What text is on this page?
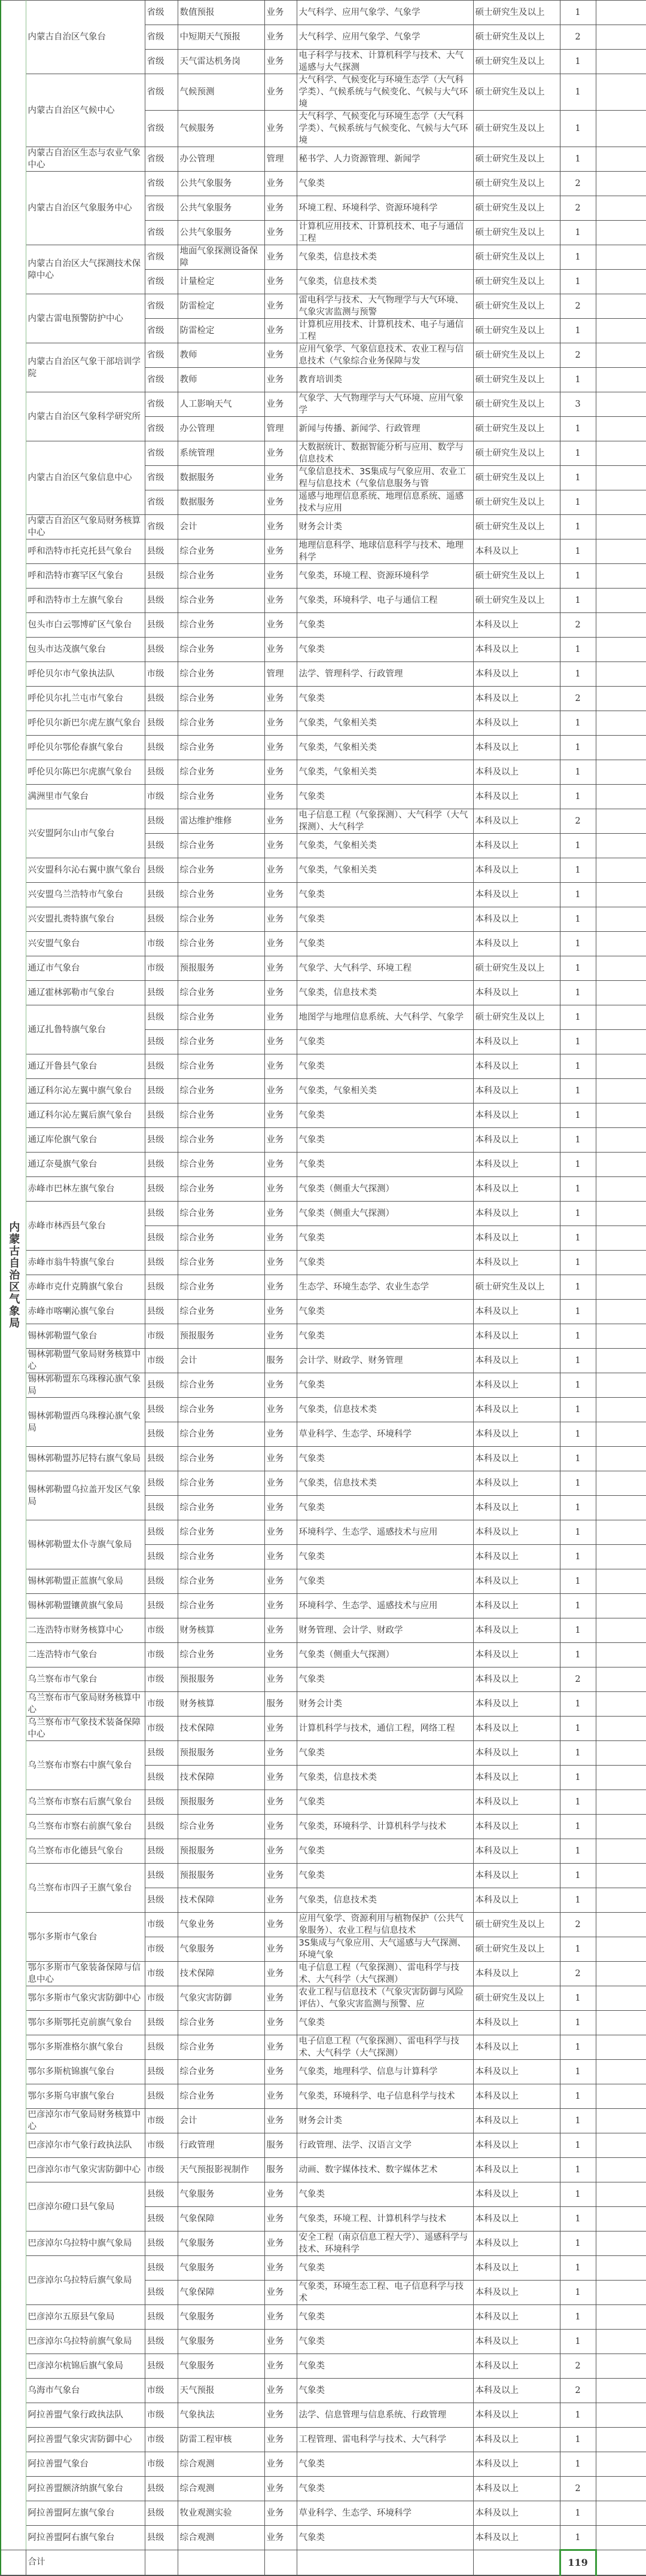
内蒙古自治区气象局	内蒙古自治区气象台	省级	数值预报	业务	大气科学、应用气象学、气象学	硕士研究生及以上	1	
		省级	中短期天气预报	业务	大气科学、应用气象学、气象学	硕士研究生及以上	2	
		省级	天气雷达机务岗	业务	电子科学与技术、计算机科学与技术、大气遥感与大气探测	硕士研究生及以上	1	
	内蒙古自治区气候中心	省级	气候预测	业务	大气科学、气候变化与环境生态学（大气科学类）、气候系统与气候变化、气候与大气环境	硕士研究生及以上	1	
		省级	气候服务	业务	大气科学、气候变化与环境生态学（大气科学类）、气候系统与气候变化、气候与大气环境	硕士研究生及以上	1	
	内蒙古自治区生态与农业气象中心	省级	办公管理	管理	秘书学、人力资源管理、新闻学	硕士研究生及以上	1	
	内蒙古自治区气象服务中心	省级	公共气象服务	业务	气象类	硕士研究生及以上	2	
		省级	公共气象服务	业务	环境工程、环境科学、资源环境科学	硕士研究生及以上	2	
		省级	公共气象服务	业务	计算机应用技术、计算机技术、电子与通信工程	硕士研究生及以上	1	
	内蒙古自治区大气探测技术保障中心	省级	地面气象探测设备保障	业务	气象类，信息技术类	硕士研究生及以上	1	
		省级	计量检定	业务	气象类，信息技术类	硕士研究生及以上	1	
	内蒙古雷电预警防护中心	省级	防雷检定	业务	雷电科学与技术、大气物理学与大气环境、气象灾害监测与预警	硕士研究生及以上	2	
		省级	防雷检定	业务	计算机应用技术、计算机技术、电子与通信工程	硕士研究生及以上	1	
	内蒙古自治区气象干部培训学院	省级	教师	业务	应用气象学、气象信息技术、农业工程与信息技术（气象综合业务保障与发	硕士研究生及以上	2	
		省级	教师	业务	教育培训类	硕士研究生及以上	1	
	内蒙古自治区气象科学研究所	省级	人工影响天气	业务	气象学、大气物理学与大气环境、应用气象学	硕士研究生及以上	3	
		省级	办公管理	管理	新闻与传播、新闻学、行政管理	硕士研究生及以上	1	
	内蒙古自治区气象信息中心	省级	系统管理	业务	大数据统计、数据智能分析与应用、数学与信息技术	硕士研究生及以上	1	
		省级	数据服务	业务	气象信息技术、3S集成与气象应用、农业工程与信息技术（气象信息服务与管	硕士研究生及以上	1	
		省级	数据服务	业务	遥感与地理信息系统、地理信息系统、遥感技术与应用	硕士研究生及以上	1	
	内蒙古自治区气象局财务核算中心	省级	会计	业务	财务会计类	硕士研究生及以上	1	
	呼和浩特市托克托县气象台	县级	综合业务	业务	地理信息科学、地球信息科学与技术、地理科学	本科及以上	1	
	呼和浩特市赛罕区气象台	县级	综合业务	业务	气象类，环境工程、资源环境科学	硕士研究生及以上	1	
	呼和浩特市土左旗气象台	县级	综合业务	业务	气象类，环境科学、电子与通信工程	硕士研究生及以上	1	
	包头市白云鄂博矿区气象台	县级	综合业务	业务	气象类	本科及以上	2	
	包头市达茂旗气象台	县级	综合业务	业务	气象类	本科及以上	1	
	呼伦贝尔市气象执法队	市级	综合业务	管理	法学、管理科学、行政管理	本科及以上	1	
	呼伦贝尔扎兰屯市气象台	县级	综合业务	业务	气象类	本科及以上	2	
	呼伦贝尔新巴尔虎左旗气象台	县级	综合业务	业务	气象类，气象相关类	本科及以上	1	
	呼伦贝尔鄂伦春旗气象台	县级	综合业务	业务	气象类，气象相关类	本科及以上	1	
	呼伦贝尔陈巴尔虎旗气象台	县级	综合业务	业务	气象类，气象相关类	本科及以上	1	
	满洲里市气象台	市级	综合业务	业务	气象类	本科及以上	1	
	兴安盟阿尔山市气象台	县级	雷达维护维修	业务	电子信息工程（气象探测）、大气科学（大气探测）、大气科学	本科及以上	2	
		县级	综合业务	业务	气象类，气象相关类	本科及以上	1	
	兴安盟科尔沁右翼中旗气象台	县级	综合业务	业务	气象类，气象相关类	本科及以上	1	
	兴安盟乌兰浩特市气象台	县级	综合业务	业务	气象类	本科及以上	1	
	兴安盟扎赉特旗气象台	县级	综合业务	业务	气象类	本科及以上	1	
	兴安盟气象台	市级	综合业务	业务	气象类	本科及以上	1	
	通辽市气象台	市级	预报服务	业务	气象学、大气科学、环境工程	硕士研究生及以上	1	
	通辽霍林郭勒市气象台	县级	综合业务	业务	气象类，信息技术类	本科及以上	1	
	通辽扎鲁特旗气象台	县级	综合业务	业务	地图学与地理信息系统、大气科学、气象学	硕士研究生及以上	1	
		县级	综合业务	业务	气象类	本科及以上	1	
	通辽开鲁县气象台	县级	综合业务	业务	气象类	本科及以上	1	
	通辽科尔沁左翼中旗气象台	县级	综合业务	业务	气象类，气象相关类	本科及以上	1	
	通辽科尔沁左翼后旗气象台	县级	综合业务	业务	气象类	本科及以上	1	
	通辽库伦旗气象台	县级	综合业务	业务	气象类	本科及以上	1	
	通辽奈曼旗气象台	县级	综合业务	业务	气象类	本科及以上	1	
	赤峰市巴林左旗气象台	县级	综合业务	业务	气象类（侧重大气探测）	本科及以上	1	
	赤峰市林西县气象台	县级	综合业务	业务	气象类（侧重大气探测）	本科及以上	1	
		县级	综合业务	业务	气象类	本科及以上	1	
	赤峰市翁牛特旗气象台	县级	综合业务	业务	气象类	本科及以上	1	
	赤峰市克什克腾旗气象台	县级	综合业务	业务	生态学、环境生态学、农业生态学	硕士研究生及以上	1	
	赤峰市喀喇沁旗气象台	县级	综合业务	业务	气象类	本科及以上	1	
	锡林郭勒盟气象台	市级	预报服务	业务	气象类	本科及以上	1	
	锡林郭勒盟气象局财务核算中心	市级	会计	服务	会计学、财政学、财务管理	本科及以上	1	
	锡林郭勒盟东乌珠穆沁旗气象局	县级	综合业务	业务	气象类	本科及以上	1	
	锡林郭勒盟西乌珠穆沁旗气象局	县级	综合业务	业务	气象类，信息技术类	本科及以上	1	
		县级	综合业务	业务	草业科学、生态学、环境科学	本科及以上	1	
	锡林郭勒盟苏尼特右旗气象局	县级	综合业务	业务	气象类	本科及以上	1	
	锡林郭勒盟乌拉盖开发区气象局	县级	综合业务	业务	气象类，信息技术类	本科及以上	1	
		县级	综合业务	业务	气象类	本科及以上	1	
	锡林郭勒盟太仆寺旗气象局	县级	综合业务	业务	环境科学、生态学、遥感技术与应用	本科及以上	1	
		县级	综合业务	业务	气象类	本科及以上	1	
	锡林郭勒盟正蓝旗气象局	县级	综合业务	业务	气象类	本科及以上	1	
	锡林郭勒盟镶黄旗气象局	县级	综合业务	业务	环境科学、生态学、遥感技术与应用	本科及以上	1	
	二连浩特市财务核算中心	市级	财务核算	业务	财务管理、会计学、财政学	本科及以上	1	
	二连浩特市气象台	市级	综合业务	业务	气象类（侧重大气探测）	本科及以上	1	
	乌兰察布市气象台	市级	预报服务	业务	气象类	本科及以上	2	
	乌兰察布市气象局财务核算中心	市级	财务核算	服务	财务会计类	本科及以上	1	
	乌兰察布市气象技术装备保障中心	市级	技术保障	业务	计算机科学与技术，通信工程，网络工程	本科及以上	1	
	乌兰察布市察右中旗气象台	县级	预报服务	业务	气象类	本科及以上	1	
		县级	技术保障	业务	气象类，信息技术类	本科及以上	1	
	乌兰察布市察右后旗气象台	县级	预报服务	业务	气象类	本科及以上	1	
	乌兰察布市察右前旗气象台	县级	综合业务	业务	气象类，环境科学、计算机科学与技术	本科及以上	1	
	乌兰察布市化德县气象台	县级	预报服务	业务	气象类	本科及以上	1	
	乌兰察布市四子王旗气象台	县级	预报服务	业务	气象类	本科及以上	1	
		县级	技术保障	业务	气象类，信息技术类	本科及以上	1	
	鄂尔多斯市气象台	市级	气象业务	业务	应用气象学、资源利用与植物保护（公共气象服务）、农业工程与信息技术	硕士研究生及以上	2	
		市级	气象服务	业务	3S集成与气象应用、大气遥感与大气探测、环境气象	硕士研究生及以上	1	
	鄂尔多斯市气象装备保障与信息中心	市级	技术保障	业务	电子信息工程（气象探测）、雷电科学与技术、大气科学（大气探测）	本科及以上	2	
	鄂尔多斯市气象灾害防御中心	市级	气象灾害防御	业务	农业工程与信息技术（气象灾害防御与风险评估）、气象灾害监测与预警、应	硕士研究生及以上	1	
	鄂尔多斯鄂托克前旗气象台	县级	综合业务	业务	气象类	本科及以上	1	
	鄂尔多斯准格尔旗气象台	县级	综合业务	业务	电子信息工程（气象探测）、雷电科学与技术、大气科学（大气探测）	本科及以上	1	
	鄂尔多斯杭锦旗气象台	县级	综合业务	业务	气象类，地理科学、信息与计算科学	本科及以上	1	
	鄂尔多斯乌审旗气象台	县级	综合业务	业务	气象类，环境科学、电子信息科学与技术	本科及以上	1	
	巴彦淖尔市气象局财务核算中心	市级	会计	业务	财务会计类	本科及以上	1	
	巴彦淖尔市气象行政执法队	市级	行政管理	服务	行政管理、法学、汉语言文学	本科及以上	1	
	巴彦淖尔市气象灾害防御中心	市级	天气预报影视制作	服务	动画、数字媒体技术、数字媒体艺术	本科及以上	1	
	巴彦淖尔磴口县气象局	县级	气象服务	业务	气象类	本科及以上	1	
		县级	气象保障	业务	气象类，环境工程、计算机科学与技术	本科及以上	1	
	巴彦淖尔乌拉特中旗气象局	县级	气象服务	业务	安全工程（南京信息工程大学）、遥感科学与技术、环境科学	本科及以上	1	
	巴彦淖尔乌拉特后旗气象局	县级	气象服务	业务	气象类	本科及以上	1	
		县级	气象保障	业务	气象类，环境生态工程、电子信息科学与技术	本科及以上	1	
	巴彦淖尔五原县气象局	县级	气象服务	业务	气象类	本科及以上	1	
	巴彦淖尔乌拉特前旗气象局	县级	气象服务	业务	气象类	本科及以上	1	
	巴彦淖尔杭锦后旗气象局	县级	气象服务	业务	气象类	本科及以上	2	
	乌海市气象台	市级	天气预报	业务	气象类	本科及以上	2	
	阿拉善盟气象行政执法队	市级	气象执法	业务	法学、信息管理与信息系统、行政管理	本科及以上	1	
	阿拉善盟气象灾害防御中心	市级	防雷工程审核	业务	工程管理、雷电科学与技术、大气科学	本科及以上	1	
	阿拉善盟气象台	市级	综合观测	业务	气象类	本科及以上	1	
	阿拉善盟额济纳旗气象台	县级	综合观测	业务	气象类	本科及以上	2	
	阿拉善盟阿左旗气象台	县级	牧业观测实验	业务	草业科学、生态学、环境科学	本科及以上	1	
	阿拉善盟阿右旗气象台	县级	综合观测	业务	气象类	本科及以上	1	
	合计						119	
